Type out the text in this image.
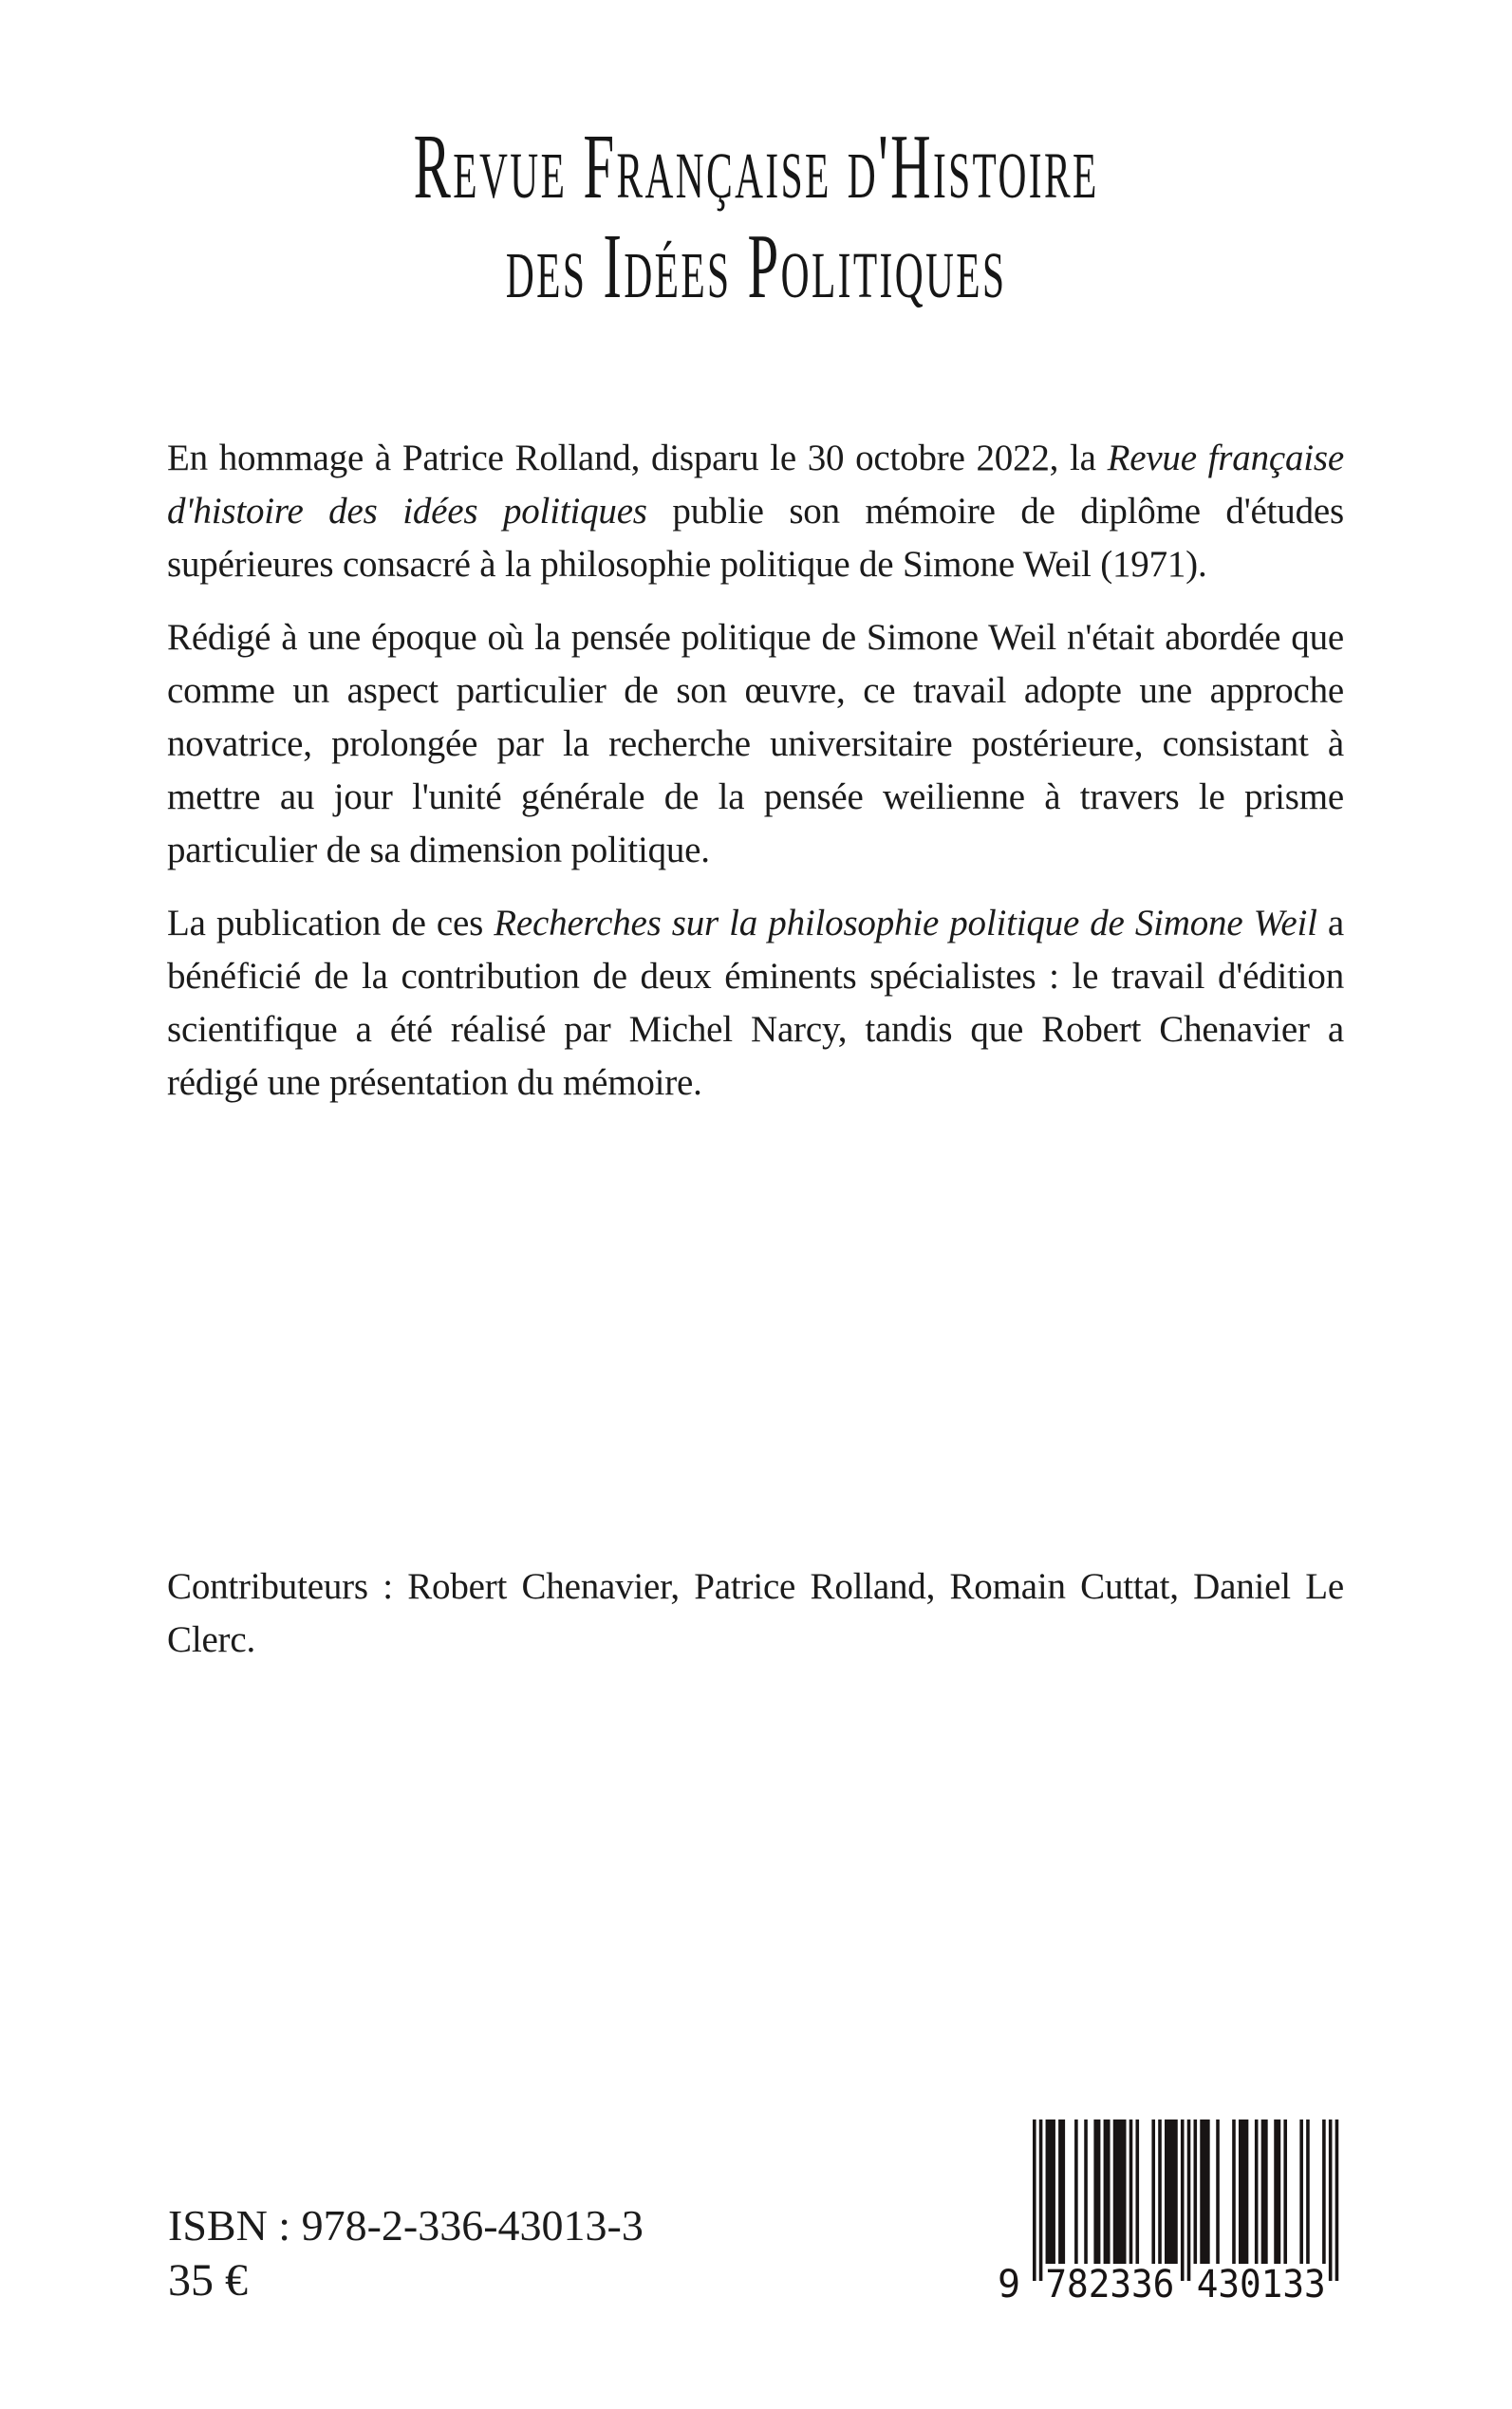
Revue Française d'Histoire
des Idées Politiques

En hommage à Patrice Rolland, disparu le 30 octobre 2022, la Revue française d'histoire des idées politiques publie son mémoire de diplôme d'études supérieures consacré à la philosophie politique de Simone Weil (1971).

Rédigé à une époque où la pensée politique de Simone Weil n'était abordée que comme un aspect particulier de son œuvre, ce travail adopte une approche novatrice, prolongée par la recherche universitaire postérieure, consistant à mettre au jour l'unité générale de la pensée weilienne à travers le prisme particulier de sa dimension politique.

La publication de ces Recherches sur la philosophie politique de Simone Weil a bénéficié de la contribution de deux éminents spécialistes : le travail d'édition scientifique a été réalisé par Michel Narcy, tandis que Robert Chenavier a rédigé une présentation du mémoire.

Contributeurs : Robert Chenavier, Patrice Rolland, Romain Cuttat, Daniel Le Clerc.

ISBN : 978-2-336-43013-3
35 €	9 782336 430133
